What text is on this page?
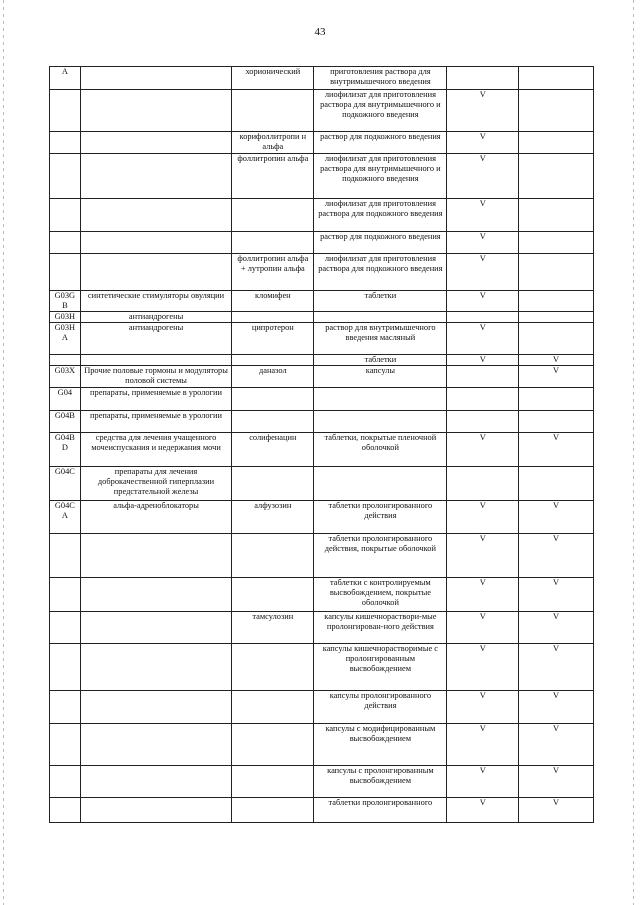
43
A		хорионический	приготовления раствора для внутримышечного введения		
			лиофилизат для приготовления раствора для внутримышечного и подкожного введения	V	
		корифоллитропи н альфа	раствор для подкожного введения	V	
		фоллитропин альфа	лиофилизат для приготовления раствора для внутримышечного и подкожного введения	V	
			лиофилизат для приготовления раствора для подкожного введения	V	
			раствор для подкожного введения	V	
		фоллитропин альфа + лутропин альфа	лиофилизат для приготовления раствора для подкожного введения	V	
G03G B	синтетические стимуляторы овуляции	кломифен	таблетки	V	
G03H	антиандрогены				
G03H A	антиандрогены	ципротерон	раствор для внутримышечного введения масляный	V	
			таблетки	V	V
G03X	Прочие половые гормоны и модуляторы половой системы	даназол	капсулы		V
G04	препараты, применяемые в урологии				
G04B	препараты, применяемые в урологии				
G04B D	средства для лечения учащенного мочеиспускания и недержания мочи	солифенацин	таблетки, покрытые пленочной оболочкой	V	V
G04C	препараты для лечения доброкачественной гиперплазии предстательной железы				
G04C A	альфа-адреноблокаторы	алфузозин	таблетки пролонгированного действия	V	V
			таблетки пролонгированного действия, покрытые оболочкой	V	V
			таблетки с контролируемым высвобождением, покрытые оболочкой	V	V
		тамсулозин	капсулы кишечнораствори-мые пролонгирован-ного действия	V	V
			капсулы кишечнорастворимые с пролонгированным высвобождением	V	V
			капсулы пролонгированного действия	V	V
			капсулы с модифицированным высвобождением	V	V
			капсулы с пролонгированным высвобождением	V	V
			таблетки пролонгированного	V	V
